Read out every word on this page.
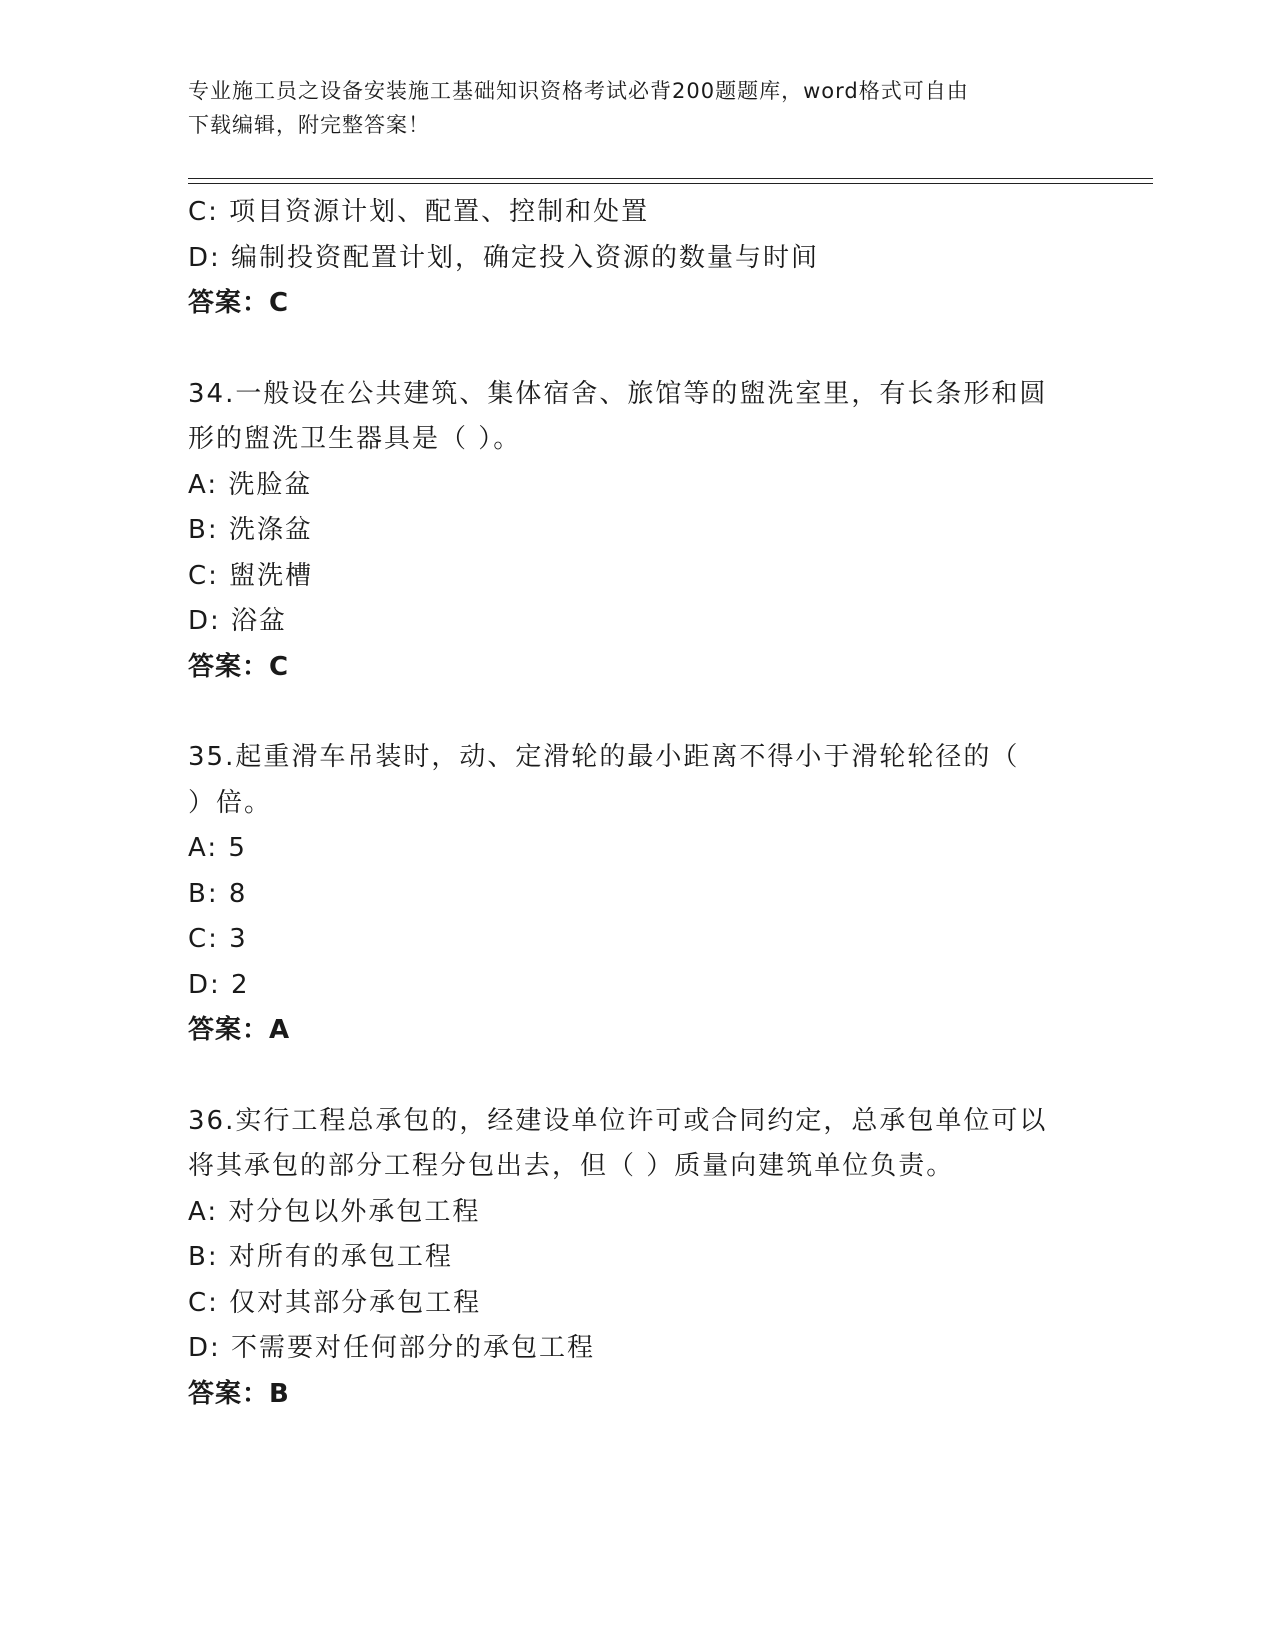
专业施工员之设备安装施工基础知识资格考试必背200题题库，word格式可自由
下载编辑，附完整答案！
C: 项目资源计划、配置、控制和处置
D: 编制投资配置计划，确定投入资源的数量与时间
答案：C
34.一般设在公共建筑、集体宿舍、旅馆等的盥洗室里，有长条形和圆
形的盥洗卫生器具是（ ）。
A: 洗脸盆
B: 洗涤盆
C: 盥洗槽
D: 浴盆
答案：C
35.起重滑车吊装时，动、定滑轮的最小距离不得小于滑轮轮径的（
）倍。
A: 5
B: 8
C: 3
D: 2
答案：A
36.实行工程总承包的，经建设单位许可或合同约定，总承包单位可以
将其承包的部分工程分包出去，但（ ）质量向建筑单位负责。
A: 对分包以外承包工程
B: 对所有的承包工程
C: 仅对其部分承包工程
D: 不需要对任何部分的承包工程
答案：B
